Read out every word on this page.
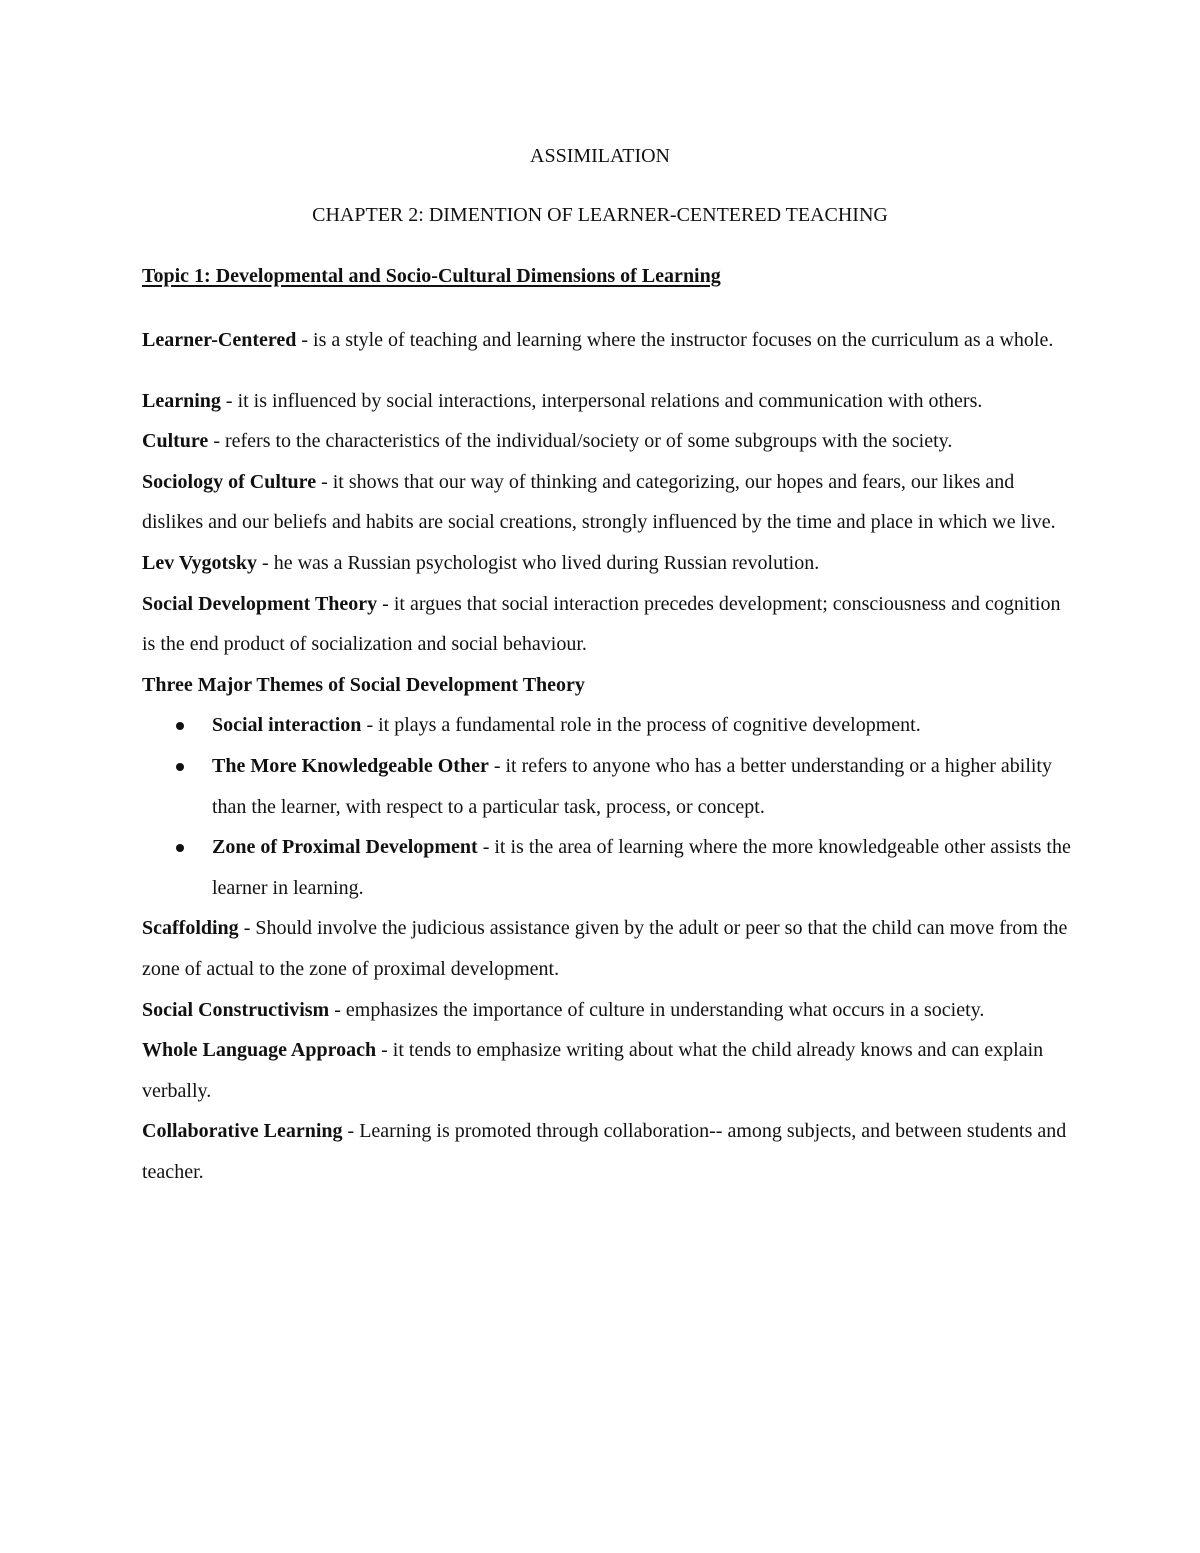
ASSIMILATION
CHAPTER 2: DIMENTION OF LEARNER-CENTERED TEACHING
Topic 1: Developmental and Socio-Cultural Dimensions of Learning

Learner-Centered - is a style of teaching and learning where the instructor focuses on the curriculum as a whole.

Learning - it is influenced by social interactions, interpersonal relations and communication with others.

Culture - refers to the characteristics of the individual/society or of some subgroups with the society.

Sociology of Culture - it shows that our way of thinking and categorizing, our hopes and fears, our likes and dislikes and our beliefs and habits are social creations, strongly influenced by the time and place in which we live.

Lev Vygotsky - he was a Russian psychologist who lived during Russian revolution.

Social Development Theory - it argues that social interaction precedes development; consciousness and cognition is the end product of socialization and social behaviour.

Three Major Themes of Social Development Theory

Social interaction - it plays a fundamental role in the process of cognitive development.
The More Knowledgeable Other - it refers to anyone who has a better understanding or a higher ability than the learner, with respect to a particular task, process, or concept.
Zone of Proximal Development - it is the area of learning where the more knowledgeable other assists the learner in learning.

Scaffolding - Should involve the judicious assistance given by the adult or peer so that the child can move from the zone of actual to the zone of proximal development.

Social Constructivism - emphasizes the importance of culture in understanding what occurs in a society.

Whole Language Approach - it tends to emphasize writing about what the child already knows and can explain verbally.

Collaborative Learning - Learning is promoted through collaboration-- among subjects, and between students and teacher.
